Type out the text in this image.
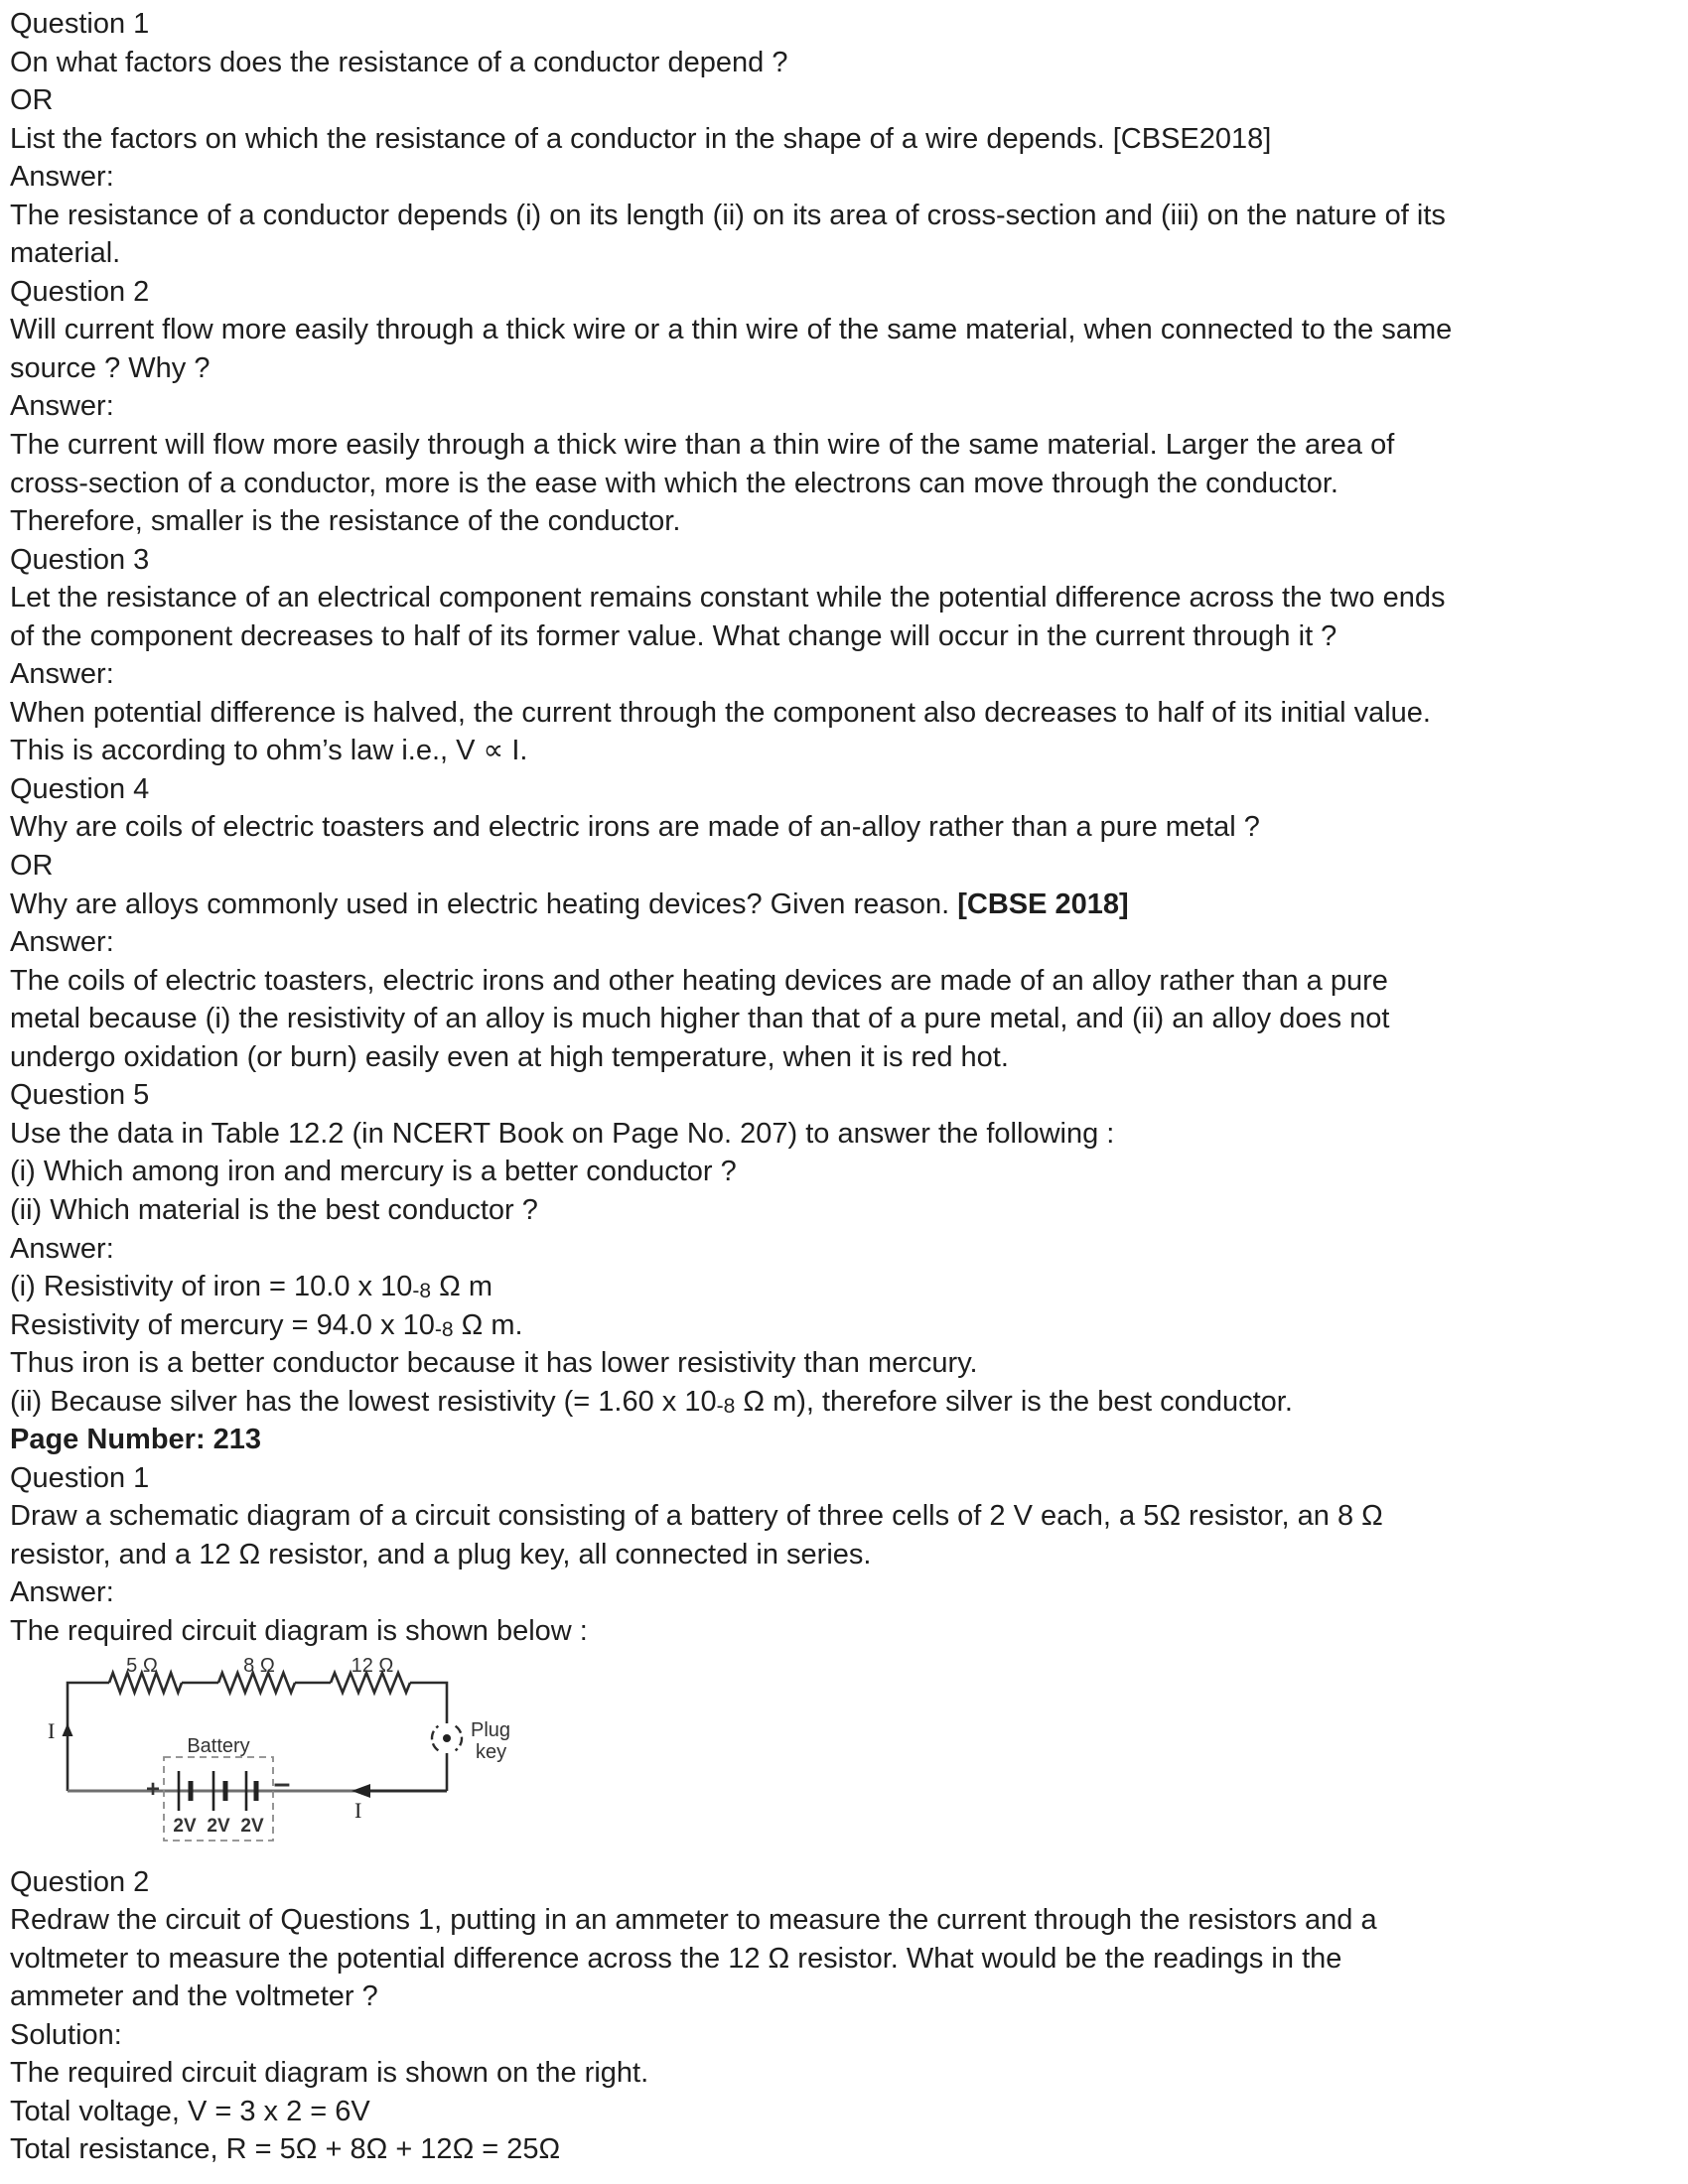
Question 1
On what factors does the resistance of a conductor depend ?
OR
List the factors on which the resistance of a conductor in the shape of a wire depends. [CBSE2018]
Answer:
The resistance of a conductor depends (i) on its length (ii) on its area of cross-section and (iii) on the nature of its
material.
Question 2
Will current flow more easily through a thick wire or a thin wire of the same material, when connected to the same
source ? Why ?
Answer:
The current will flow more easily through a thick wire than a thin wire of the same material. Larger the area of
cross-section of a conductor, more is the ease with which the electrons can move through the conductor.
Therefore, smaller is the resistance of the conductor.
Question 3
Let the resistance of an electrical component remains constant while the potential difference across the two ends
of the component decreases to half of its former value. What change will occur in the current through it ?
Answer:
When potential difference is halved, the current through the component also decreases to half of its initial value.
This is according to ohm’s law i.e., V ∝ I.
Question 4
Why are coils of electric toasters and electric irons are made of an-alloy rather than a pure metal ?
OR
Why are alloys commonly used in electric heating devices? Given reason. [CBSE 2018]
Answer:
The coils of electric toasters, electric irons and other heating devices are made of an alloy rather than a pure
metal because (i) the resistivity of an alloy is much higher than that of a pure metal, and (ii) an alloy does not
undergo oxidation (or burn) easily even at high temperature, when it is red hot.
Question 5
Use the data in Table 12.2 (in NCERT Book on Page No. 207) to answer the following :
(i) Which among iron and mercury is a better conductor ?
(ii) Which material is the best conductor ?
Answer:
(i) Resistivity of iron = 10.0 x $10_{-8}$ Ω m
Resistivity of mercury = 94.0 x $10_{-8}$ Ω m.
Thus iron is a better conductor because it has lower resistivity than mercury.
(ii) Because silver has the lowest resistivity (= 1.60 x $10_{-8}$ Ω m), therefore silver is the best conductor.
Page Number: 213
Question 1
Draw a schematic diagram of a circuit consisting of a battery of three cells of 2 V each, a 5Ω resistor, an 8 Ω
resistor, and a 12 Ω resistor, and a plug key, all connected in series.
Answer:
The required circuit diagram is shown below :
5 Ω	8 Ω	12 Ω
I
I
Plug
key
Battery
+	–
2V 2V 2V
Question 2
Redraw the circuit of Questions 1, putting in an ammeter to measure the current through the resistors and a
voltmeter to measure the potential difference across the 12 Ω resistor. What would be the readings in the
ammeter and the voltmeter ?
Solution:
The required circuit diagram is shown on the right.
Total voltage, V = 3 x 2 = 6V
Total resistance, R = 5Ω + 8Ω + 12Ω = 25Ω
